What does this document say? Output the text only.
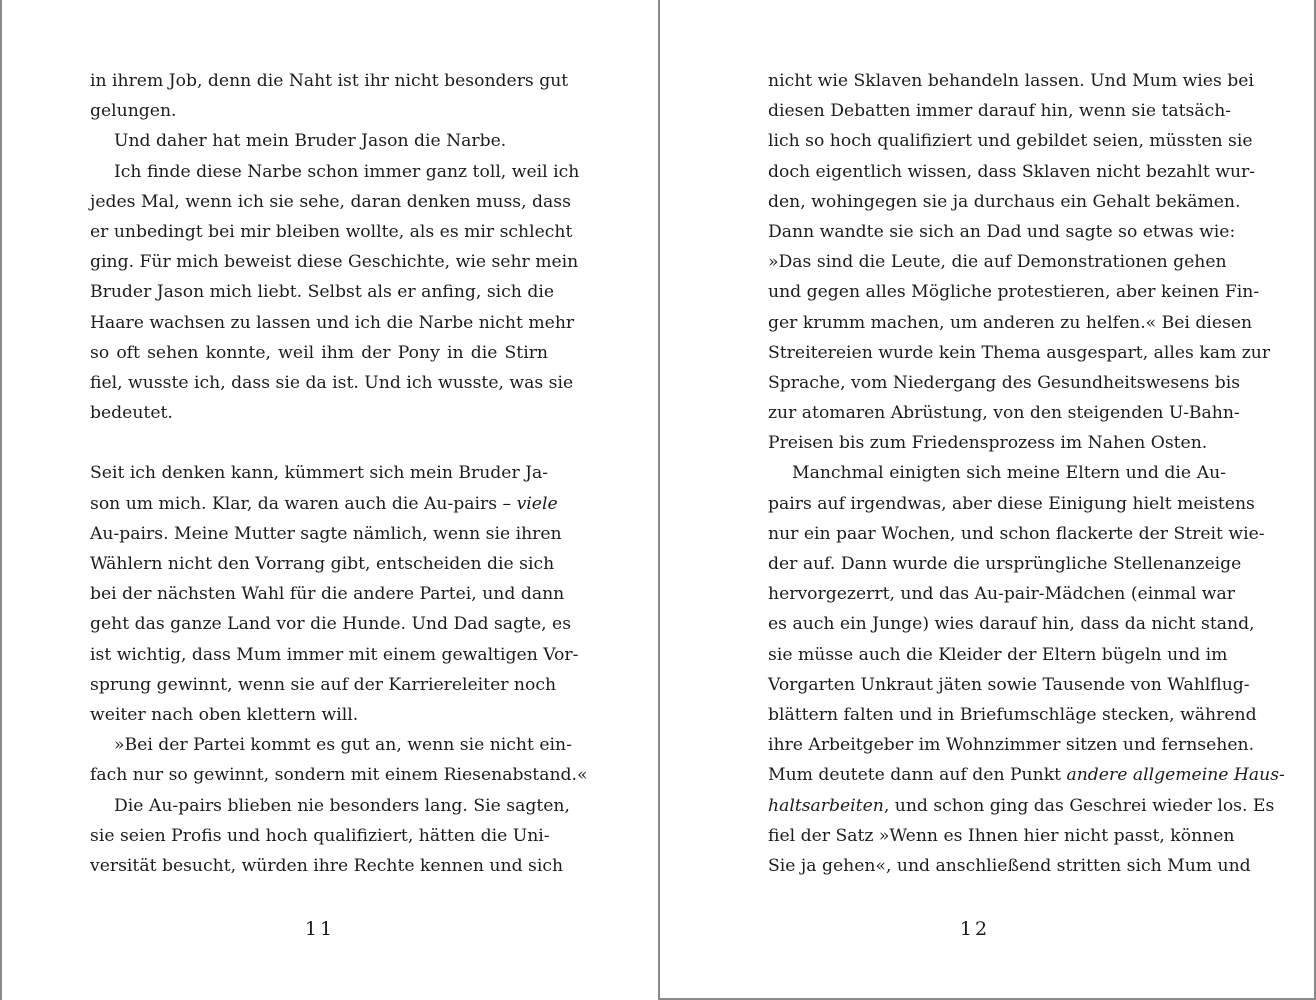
in ihrem Job, denn die Naht ist ihr nicht besonders gut
gelungen.
Und daher hat mein Bruder Jason die Narbe.
Ich finde diese Narbe schon immer ganz toll, weil ich
jedes Mal, wenn ich sie sehe, daran denken muss, dass
er unbedingt bei mir bleiben wollte, als es mir schlecht
ging. Für mich beweist diese Geschichte, wie sehr mein
Bruder Jason mich liebt. Selbst als er anfing, sich die
Haare wachsen zu lassen und ich die Narbe nicht mehr
so oft sehen konnte, weil ihm der Pony in die Stirn
fiel, wusste ich, dass sie da ist. Und ich wusste, was sie
bedeutet.
Seit ich denken kann, kümmert sich mein Bruder Ja-
son um mich. Klar, da waren auch die Au-pairs – viele
Au-pairs. Meine Mutter sagte nämlich, wenn sie ihren
Wählern nicht den Vorrang gibt, entscheiden die sich
bei der nächsten Wahl für die andere Partei, und dann
geht das ganze Land vor die Hunde. Und Dad sagte, es
ist wichtig, dass Mum immer mit einem gewaltigen Vor-
sprung gewinnt, wenn sie auf der Karriereleiter noch
weiter nach oben klettern will.
»Bei der Partei kommt es gut an, wenn sie nicht ein-
fach nur so gewinnt, sondern mit einem Riesenabstand.«
Die Au-pairs blieben nie besonders lang. Sie sagten,
sie seien Profis und hoch qualifiziert, hätten die Uni-
versität besucht, würden ihre Rechte kennen und sich
11
nicht wie Sklaven behandeln lassen. Und Mum wies bei
diesen Debatten immer darauf hin, wenn sie tatsäch-
lich so hoch qualifiziert und gebildet seien, müssten sie
doch eigentlich wissen, dass Sklaven nicht bezahlt wur-
den, wohingegen sie ja durchaus ein Gehalt bekämen.
Dann wandte sie sich an Dad und sagte so etwas wie:
»Das sind die Leute, die auf Demonstrationen gehen
und gegen alles Mögliche protestieren, aber keinen Fin-
ger krumm machen, um anderen zu helfen.« Bei diesen
Streitereien wurde kein Thema ausgespart, alles kam zur
Sprache, vom Niedergang des Gesundheitswesens bis
zur atomaren Abrüstung, von den steigenden U-Bahn-
Preisen bis zum Friedensprozess im Nahen Osten.
Manchmal einigten sich meine Eltern und die Au-
pairs auf irgendwas, aber diese Einigung hielt meistens
nur ein paar Wochen, und schon flackerte der Streit wie-
der auf. Dann wurde die ursprüngliche Stellenanzeige
hervorgezerrt, und das Au-pair-Mädchen (einmal war
es auch ein Junge) wies darauf hin, dass da nicht stand,
sie müsse auch die Kleider der Eltern bügeln und im
Vorgarten Unkraut jäten sowie Tausende von Wahlflug-
blättern falten und in Briefumschläge stecken, während
ihre Arbeitgeber im Wohnzimmer sitzen und fernsehen.
Mum deutete dann auf den Punkt andere allgemeine Haus-
haltsarbeiten, und schon ging das Geschrei wieder los. Es
fiel der Satz »Wenn es Ihnen hier nicht passt, können
Sie ja gehen«, und anschließend stritten sich Mum und
12
